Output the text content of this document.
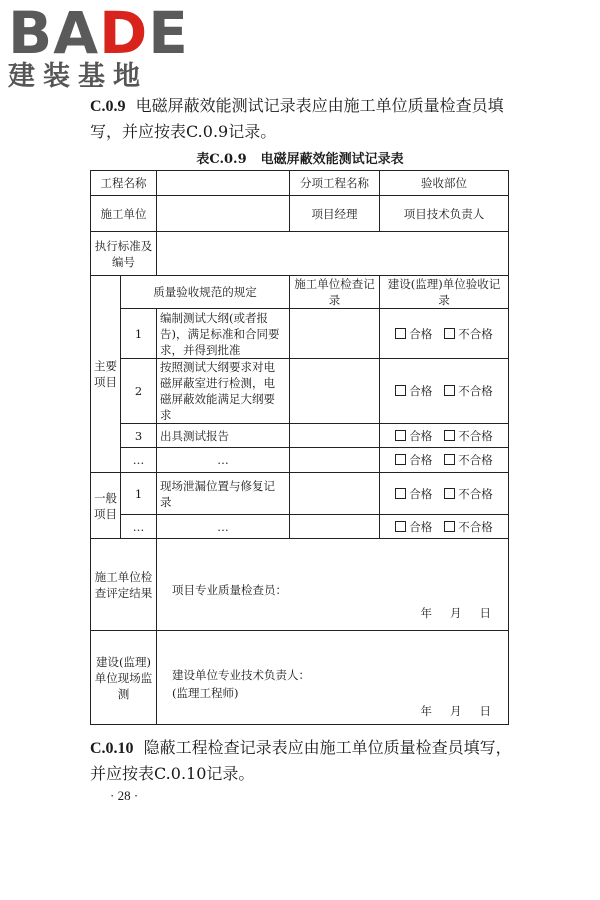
BADE
建装基地
C.0.9 电磁屏蔽效能测试记录表应由施工单位质量检查员填写，并应按表C.0.9记录。
表C.0.9 电磁屏蔽效能测试记录表
工程名称			分项工程名称	验收部位
施工单位			项目经理	项目技术负责人
执行标准及编号				
主要项目	质量验收规范的规定		施工单位检查记录	建设(监理)单位验收记录
	1	编制测试大纲(或者报告)，满足标准和合同要求，并得到批准		合格 不合格
	2	按照测试大纲要求对电磁屏蔽室进行检测，电磁屏蔽效能满足大纲要求		合格 不合格
	3	出具测试报告		合格 不合格
	…	…		合格 不合格
一般项目	1	现场泄漏位置与修复记录		合格 不合格
	…	…		合格 不合格
施工单位检查评定结果		项目专业质量检查员：
年 月 日		

建设(监理)单位现场监测		建设单位专业技术负责人：
(监理工程师)
年 月 日		
C.0.10 隐蔽工程检查记录表应由施工单位质量检查员填写，并应按表C.0.10记录。
· 28 ·
